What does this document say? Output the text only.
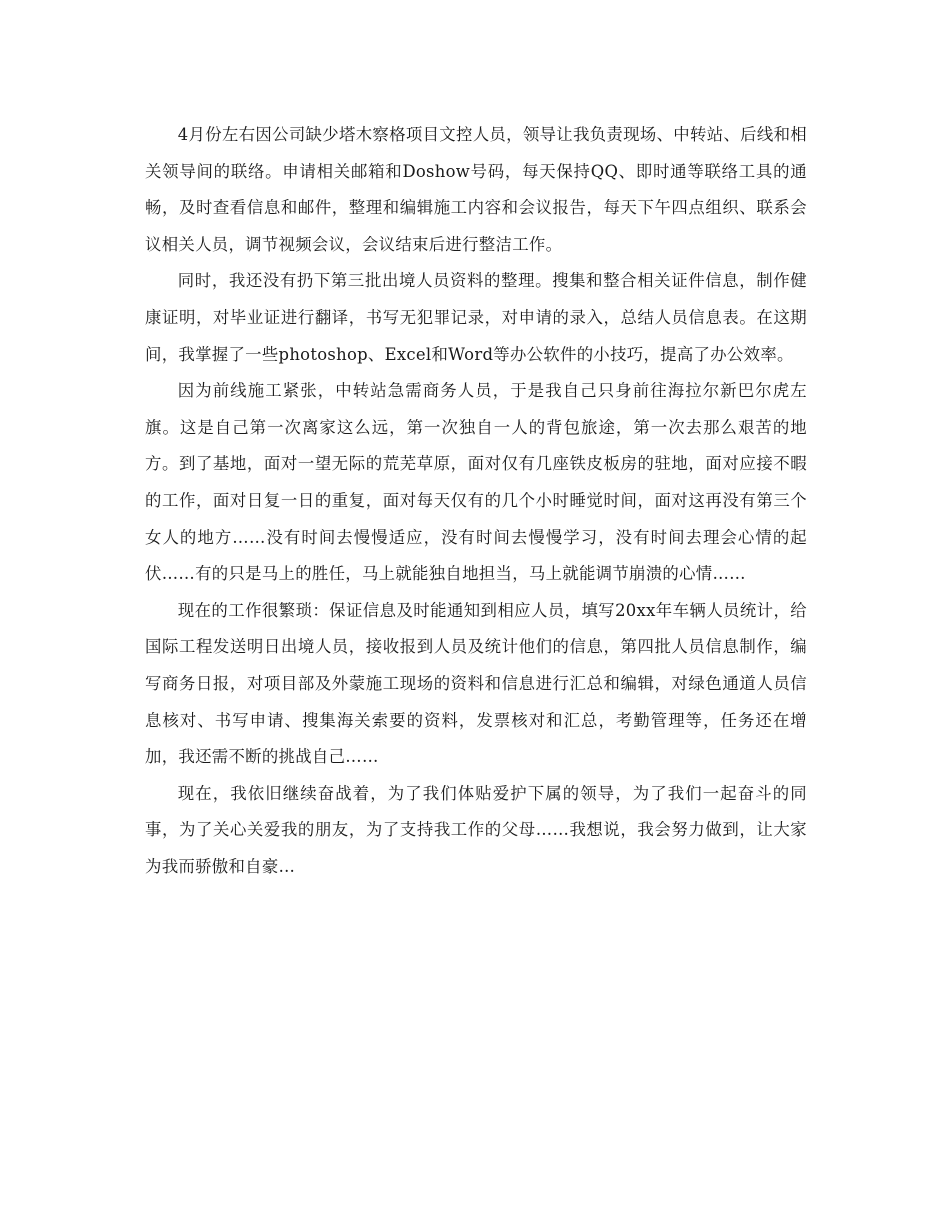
4月份左右因公司缺少塔木察格项目文控人员，领导让我负责现场、中转站、后线和相关领导间的联络。申请相关邮箱和Doshow号码，每天保持QQ、即时通等联络工具的通畅，及时查看信息和邮件，整理和编辑施工内容和会议报告，每天下午四点组织、联系会议相关人员，调节视频会议，会议结束后进行整洁工作。

同时，我还没有扔下第三批出境人员资料的整理。搜集和整合相关证件信息，制作健康证明，对毕业证进行翻译，书写无犯罪记录，对申请的录入，总结人员信息表。在这期间，我掌握了一些photoshop、Excel和Word等办公软件的小技巧，提高了办公效率。

因为前线施工紧张，中转站急需商务人员，于是我自己只身前往海拉尔新巴尔虎左旗。这是自己第一次离家这么远，第一次独自一人的背包旅途，第一次去那么艰苦的地方。到了基地，面对一望无际的荒芜草原，面对仅有几座铁皮板房的驻地，面对应接不暇的工作，面对日复一日的重复，面对每天仅有的几个小时睡觉时间，面对这再没有第三个女人的地方……没有时间去慢慢适应，没有时间去慢慢学习，没有时间去理会心情的起伏……有的只是马上的胜任，马上就能独自地担当，马上就能调节崩溃的心情……

现在的工作很繁琐：保证信息及时能通知到相应人员，填写20xx年车辆人员统计，给国际工程发送明日出境人员，接收报到人员及统计他们的信息，第四批人员信息制作，编写商务日报，对项目部及外蒙施工现场的资料和信息进行汇总和编辑，对绿色通道人员信息核对、书写申请、搜集海关索要的资料，发票核对和汇总，考勤管理等，任务还在增加，我还需不断的挑战自己……

现在，我依旧继续奋战着，为了我们体贴爱护下属的领导，为了我们一起奋斗的同事，为了关心关爱我的朋友，为了支持我工作的父母……我想说，我会努力做到，让大家为我而骄傲和自豪…
